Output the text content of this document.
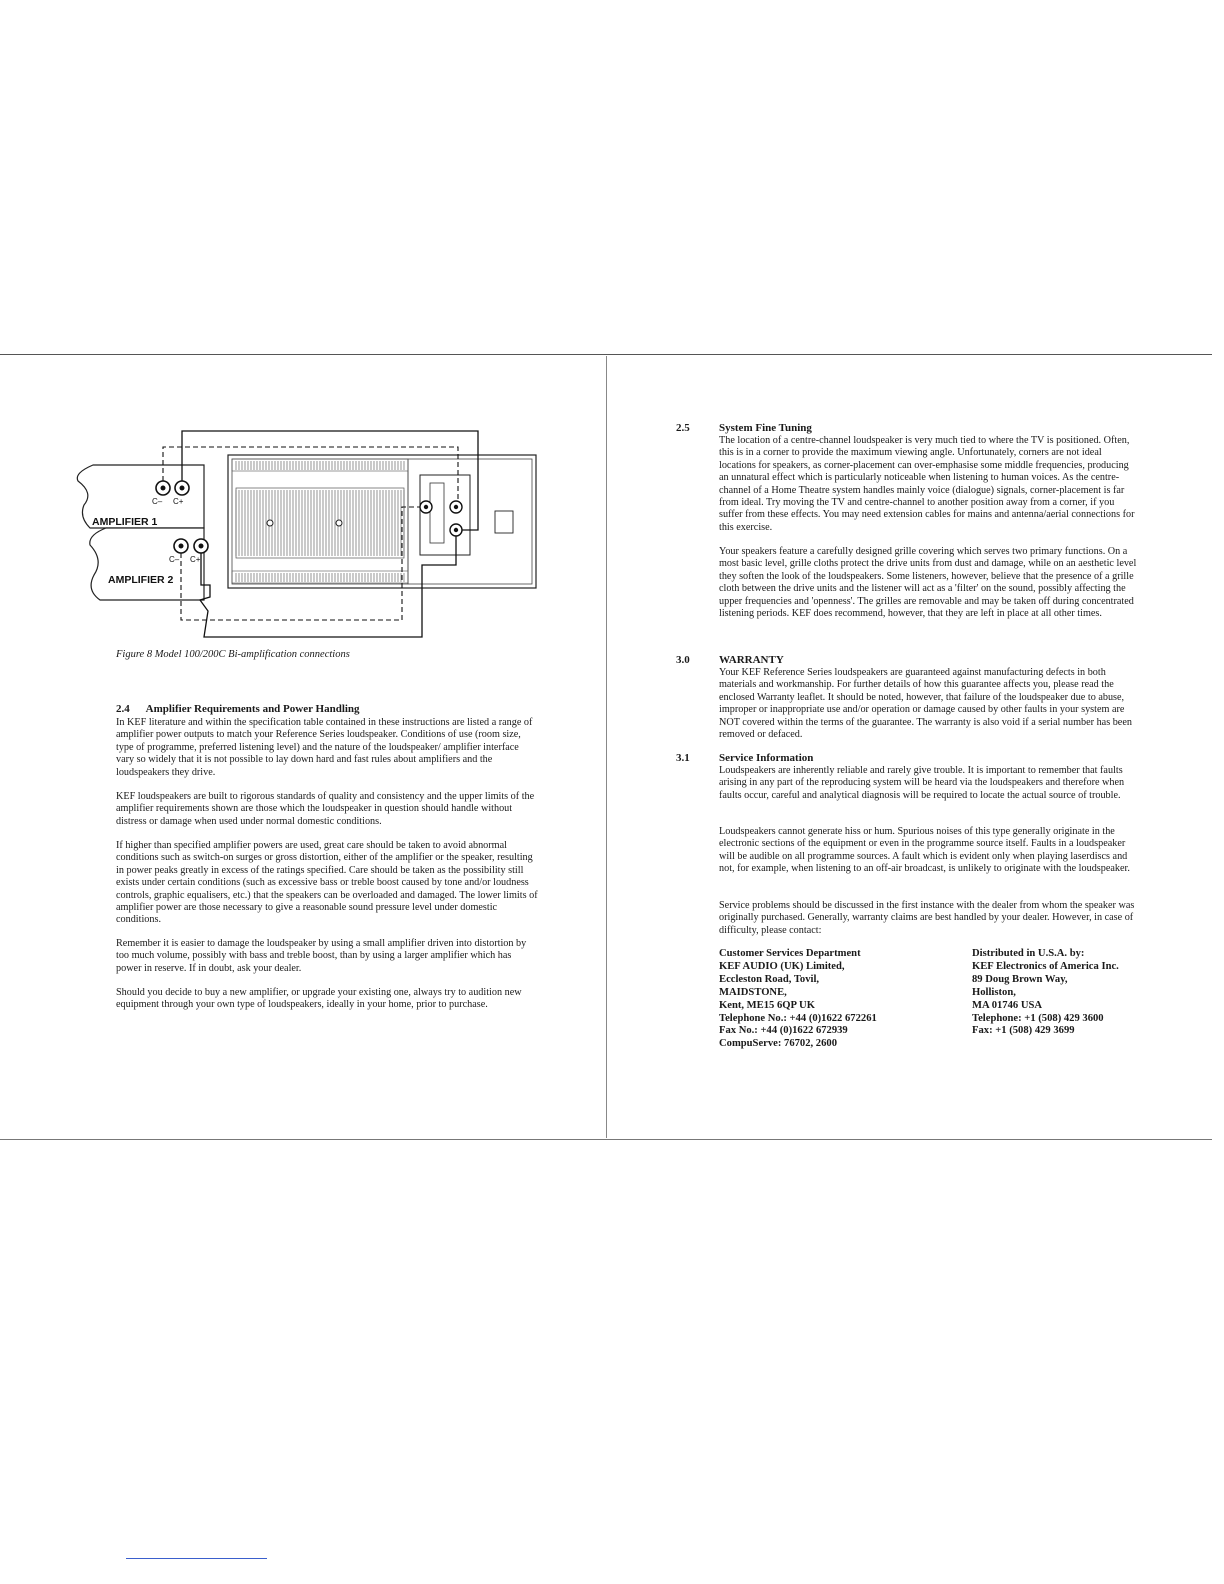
AMPLIFIER 1
AMPLIFIER 2
C– C+
C– C+

Figure 8 Model 100/200C Bi-amplification connections

2.4 Amplifier Requirements and Power Handling

In KEF literature and within the specification table contained in these instructions are listed a range of amplifier power outputs to match your Reference Series loudspeaker. Conditions of use (room size, type of programme, preferred listening level) and the nature of the loudspeaker/ amplifier interface vary so widely that it is not possible to lay down hard and fast rules about amplifiers and the loudspeakers they drive.

KEF loudspeakers are built to rigorous standards of quality and consistency and the upper limits of the amplifier requirements shown are those which the loudspeaker in question should handle without distress or damage when used under normal domestic conditions.

If higher than specified amplifier powers are used, great care should be taken to avoid abnormal conditions such as switch-on surges or gross distortion, either of the amplifier or the speaker, resulting in power peaks greatly in excess of the ratings specified. Care should be taken as the possibility still exists under certain conditions (such as excessive bass or treble boost caused by tone and/or loudness controls, graphic equalisers, etc.) that the speakers can be overloaded and damaged. The lower limits of amplifier power are those necessary to give a reasonable sound pressure level under domestic conditions.

Remember it is easier to damage the loudspeaker by using a small amplifier driven into distortion by too much volume, possibly with bass and treble boost, than by using a larger amplifier which has power in reserve. If in doubt, ask your dealer.

Should you decide to buy a new amplifier, or upgrade your existing one, always try to audition new equipment through your own type of loudspeakers, ideally in your home, prior to purchase.

2.5	System Fine Tuning

The location of a centre-channel loudspeaker is very much tied to where the TV is positioned. Often, this is in a corner to provide the maximum viewing angle. Unfortunately, corners are not ideal locations for speakers, as corner-placement can over-emphasise some middle frequencies, producing an unnatural effect which is particularly noticeable when listening to human voices. As the centre-channel of a Home Theatre system handles mainly voice (dialogue) signals, corner-placement is far from ideal. Try moving the TV and centre-channel to another position away from a corner, if you suffer from these effects. You may need extension cables for mains and antenna/aerial connections for this exercise.

Your speakers feature a carefully designed grille covering which serves two primary functions. On a most basic level, grille cloths protect the drive units from dust and damage, while on an aesthetic level they soften the look of the loudspeakers. Some listeners, however, believe that the presence of a grille cloth between the drive units and the listener will act as a 'filter' on the sound, possibly affecting the upper frequencies and 'openness'. The grilles are removable and may be taken off during concentrated listening periods. KEF does recommend, however, that they are left in place at all other times.

3.0	WARRANTY

Your KEF Reference Series loudspeakers are guaranteed against manufacturing defects in both materials and workmanship. For further details of how this guarantee affects you, please read the enclosed Warranty leaflet. It should be noted, however, that failure of the loudspeaker due to abuse, improper or inappropriate use and/or operation or damage caused by other faults in your system are NOT covered within the terms of the guarantee. The warranty is also void if a serial number has been removed or defaced.

3.1	Service Information

Loudspeakers are inherently reliable and rarely give trouble. It is important to remember that faults arising in any part of the reproducing system will be heard via the loudspeakers and therefore when faults occur, careful and analytical diagnosis will be required to locate the actual source of trouble.

Loudspeakers cannot generate hiss or hum. Spurious noises of this type generally originate in the electronic sections of the equipment or even in the programme source itself. Faults in a loudspeaker will be audible on all programme sources. A fault which is evident only when playing laserdiscs and not, for example, when listening to an off-air broadcast, is unlikely to originate with the loudspeaker.

Service problems should be discussed in the first instance with the dealer from whom the speaker was originally purchased. Generally, warranty claims are best handled by your dealer. However, in case of difficulty, please contact:

Customer Services Department
KEF AUDIO (UK) Limited,
Eccleston Road, Tovil,
MAIDSTONE,
Kent, ME15 6QP UK
Telephone No.: +44 (0)1622 672261
Fax No.: +44 (0)1622 672939
CompuServe: 76702, 2600
Distributed in U.S.A. by:
KEF Electronics of America Inc.
89 Doug Brown Way,
Holliston,
MA 01746 USA
Telephone: +1 (508) 429 3600
Fax: +1 (508) 429 3699
